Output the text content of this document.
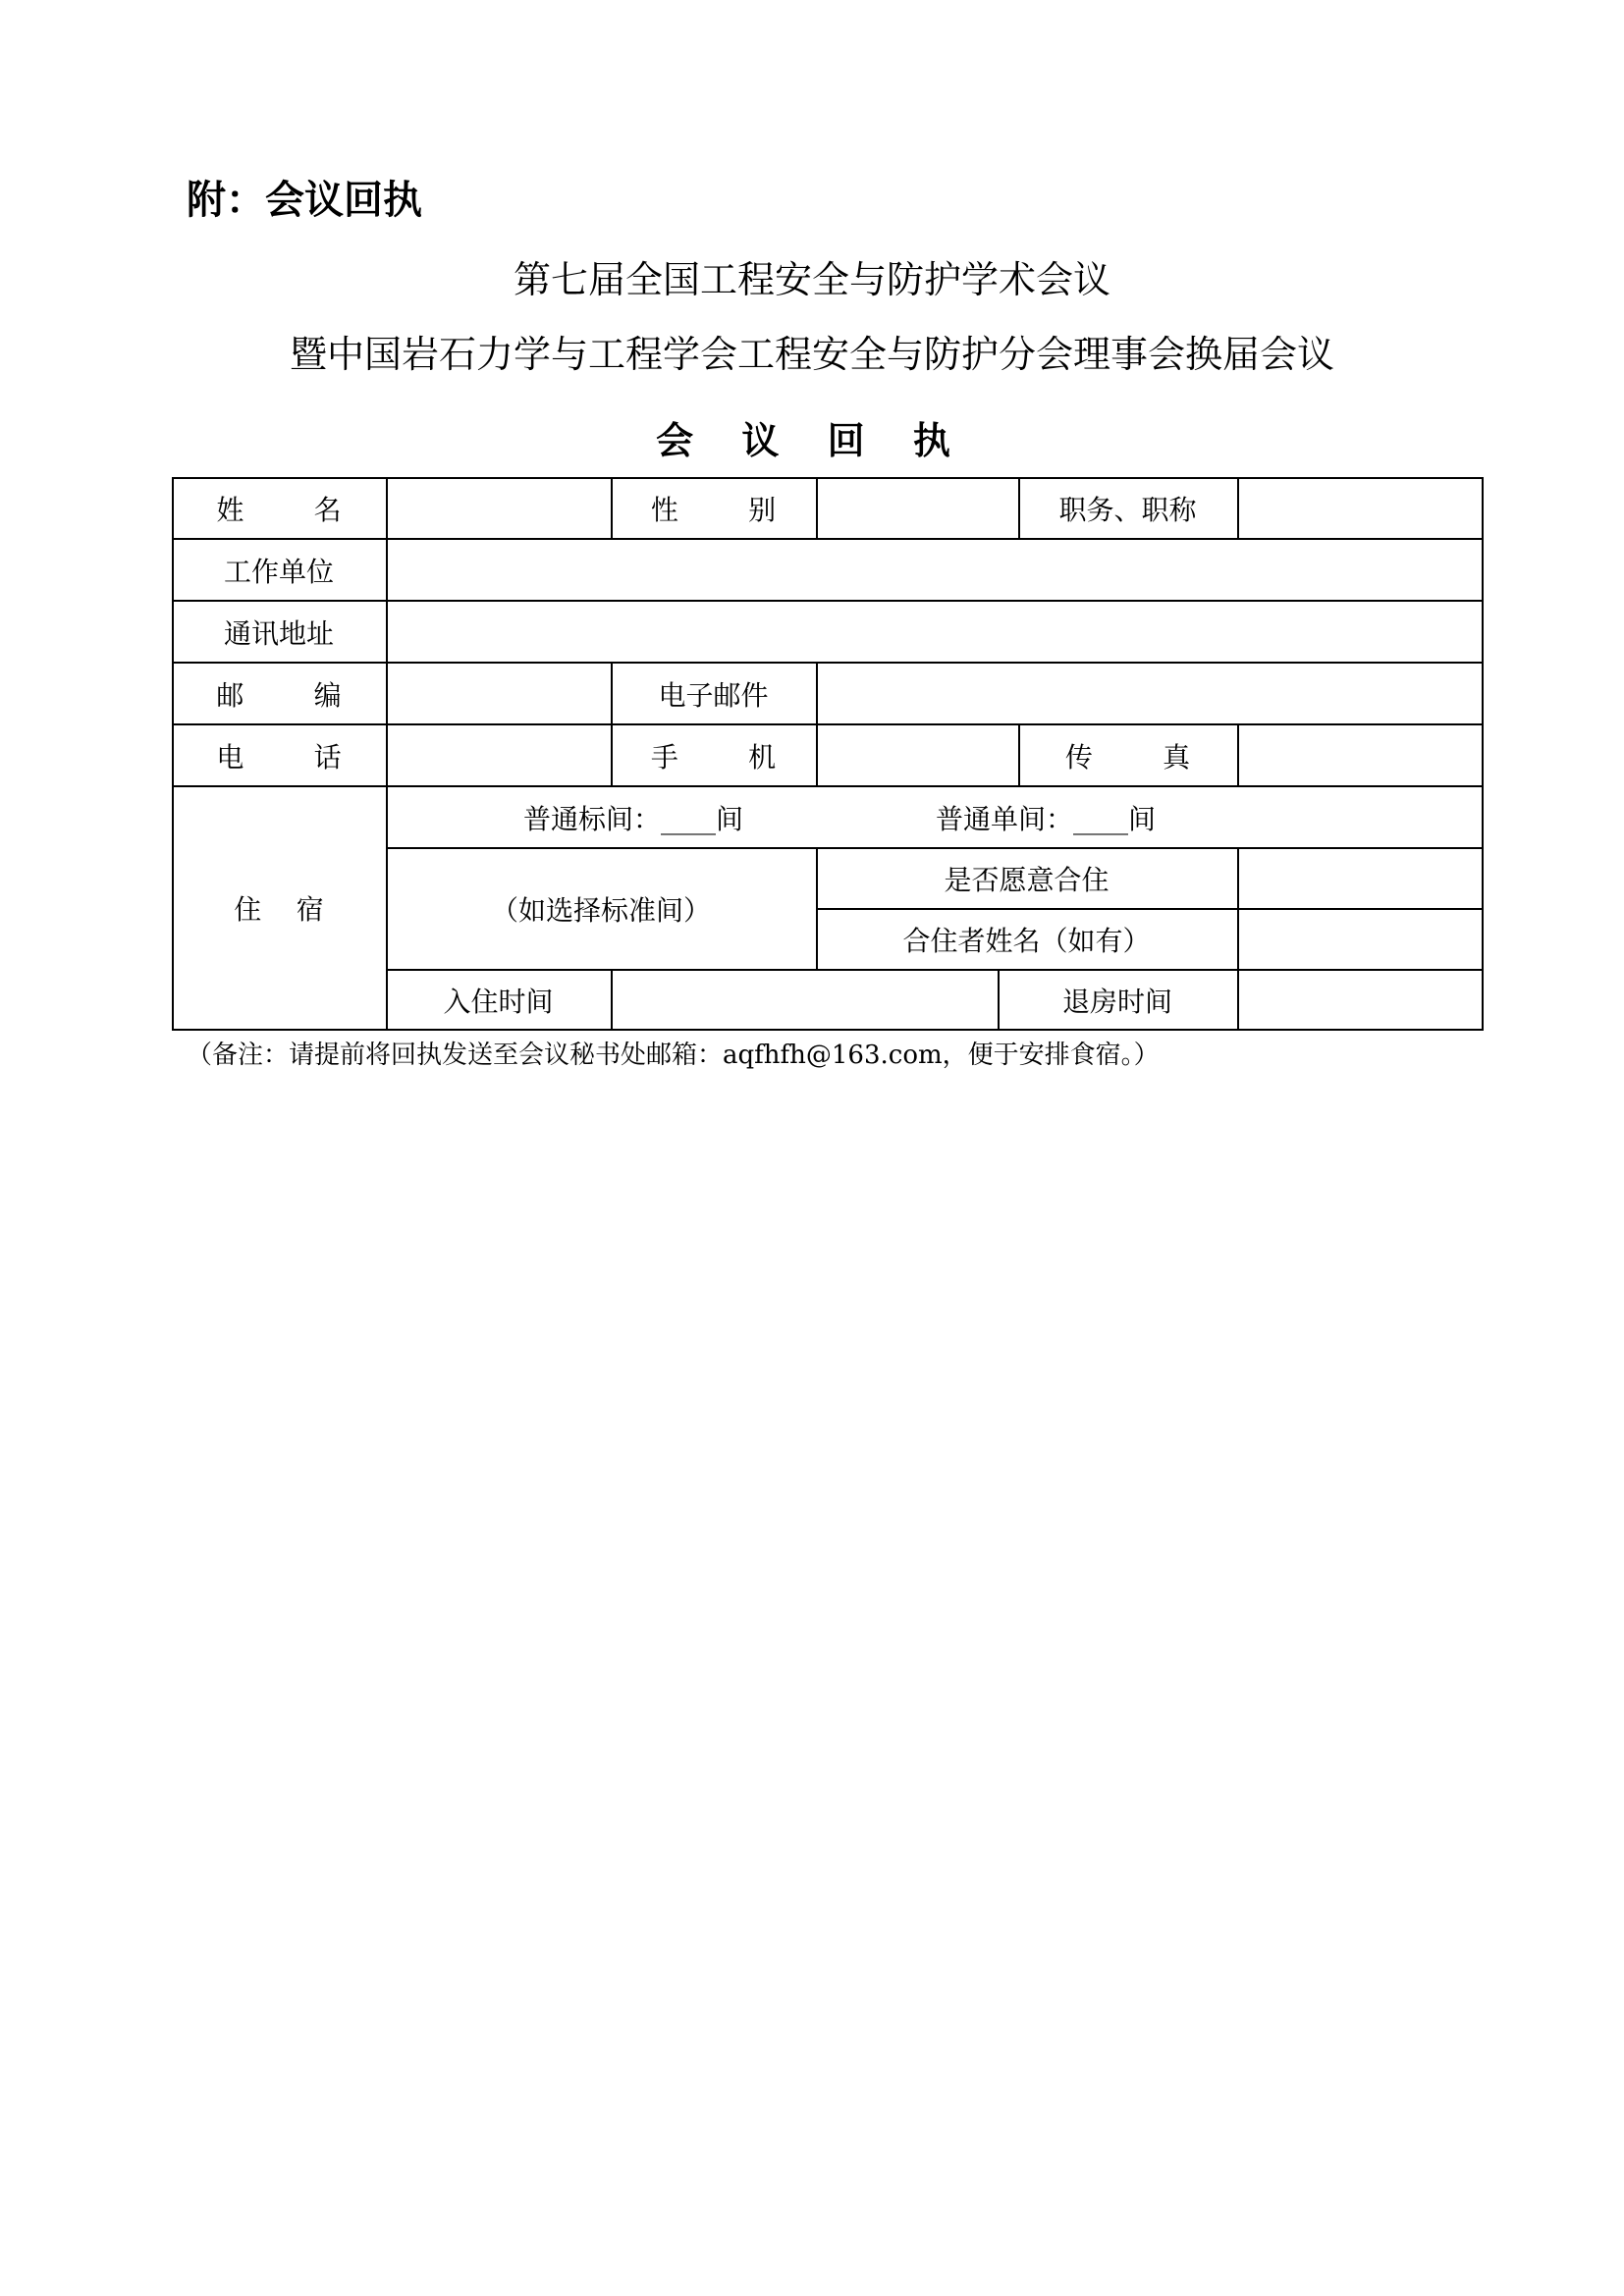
附：会议回执
第七届全国工程安全与防护学术会议
暨中国岩石力学与工程学会工程安全与防护分会理事会换届会议
会 议 回 执
姓        名	性        别	职务、职称
工作单位
通讯地址
邮        编	电子邮件
电        话	手        机	传        真
住    宿
普通标间：____间	普通单间：____间
（如选择标准间）
是否愿意合住
合住者姓名（如有）
入住时间	退房时间
（备注：请提前将回执发送至会议秘书处邮箱：aqfhfh@163.com，便于安排食宿。）
